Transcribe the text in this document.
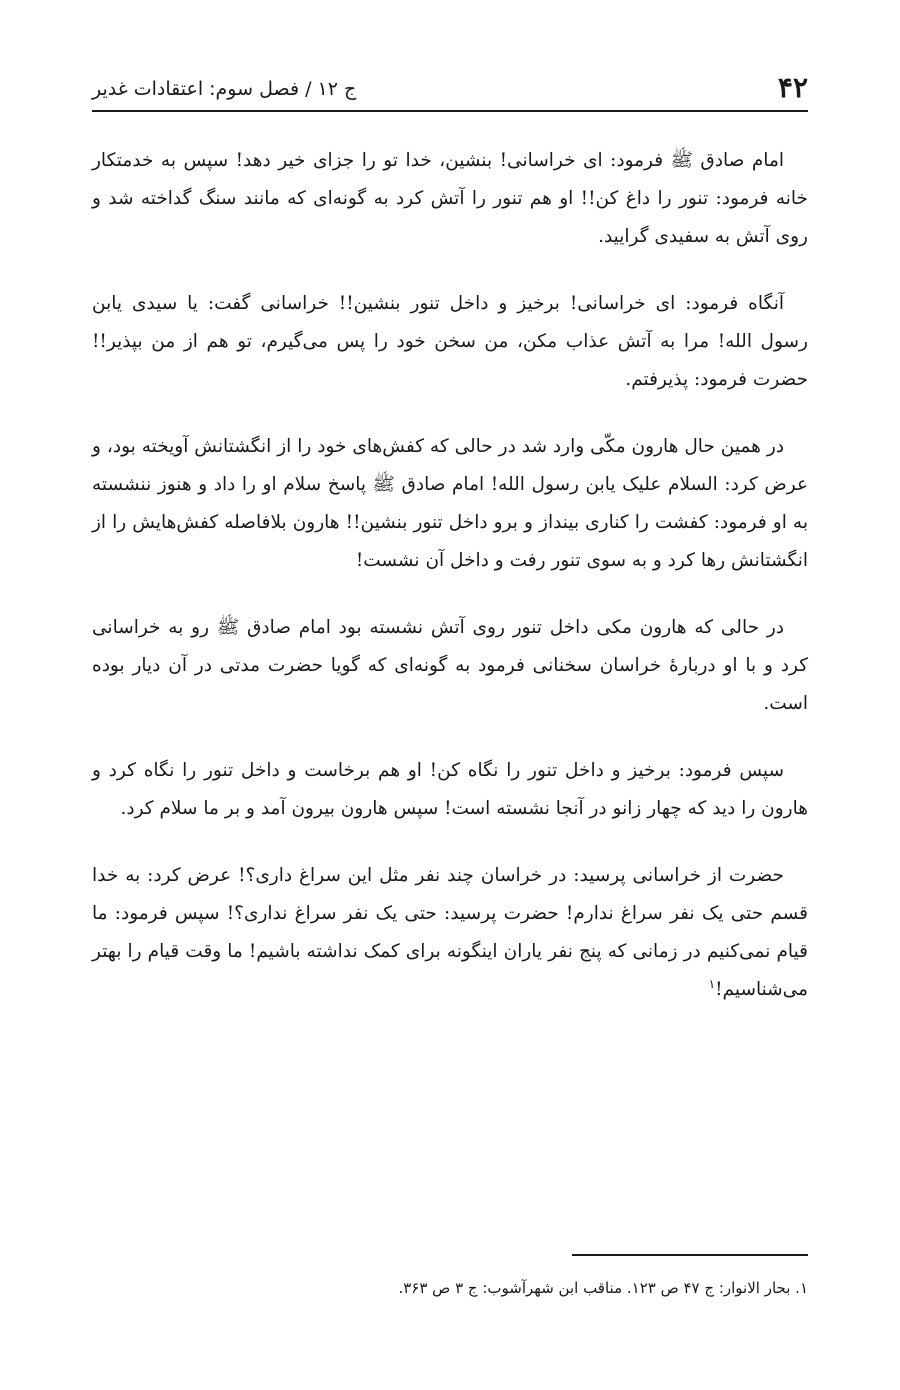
۴۲
ج ۱۲ / فصل سوم: اعتقادات غدیر

امام صادق ﷺ فرمود: ای خراسانی! بنشین، خدا تو را جزای خیر دهد! سپس به خدمتکار خانه فرمود: تنور را داغ کن!! او هم تنور را آتش کرد به گونه‌ای که مانند سنگ گداخته شد و روی آتش به سفیدی گرایید.

آنگاه فرمود: ای خراسانی! برخیز و داخل تنور بنشین!! خراسانی گفت: یا سیدی یابن رسول الله! مرا به آتش عذاب مکن، من سخن خود را پس می‌گیرم، تو هم از من بپذیر!! حضرت فرمود: پذیرفتم.

در همین حال هارون مکّی وارد شد در حالی که کفش‌های خود را از انگشتانش آویخته بود، و عرض کرد: السلام علیک یابن رسول الله! امام صادق ﷺ پاسخ سلام او را داد و هنوز ننشسته به او فرمود: کفشت را کناری بینداز و برو داخل تنور بنشین!! هارون بلافاصله کفش‌هایش را از انگشتانش رها کرد و به سوی تنور رفت و داخل آن نشست!

در حالی که هارون مکی داخل تنور روی آتش نشسته بود امام صادق ﷺ رو به خراسانی کرد و با او دربارهٔ خراسان سخنانی فرمود به گونه‌ای که گویا حضرت مدتی در آن دیار بوده است.

سپس فرمود: برخیز و داخل تنور را نگاه کن! او هم برخاست و داخل تنور را نگاه کرد و هارون را دید که چهار زانو در آنجا نشسته است! سپس هارون بیرون آمد و بر ما سلام کرد.

حضرت از خراسانی پرسید: در خراسان چند نفر مثل این سراغ داری؟! عرض کرد: به خدا قسم حتی یک نفر سراغ ندارم! حضرت پرسید: حتی یک نفر سراغ نداری؟! سپس فرمود: ما قیام نمی‌کنیم در زمانی که پنج نفر یاران اینگونه برای کمک نداشته باشیم! ما وقت قیام را بهتر می‌شناسیم!$^۱$

۱. بحار الانوار: ج ۴۷ ص ۱۲۳. مناقب ابن شهرآشوب: ج ۳ ص ۳۶۳.
